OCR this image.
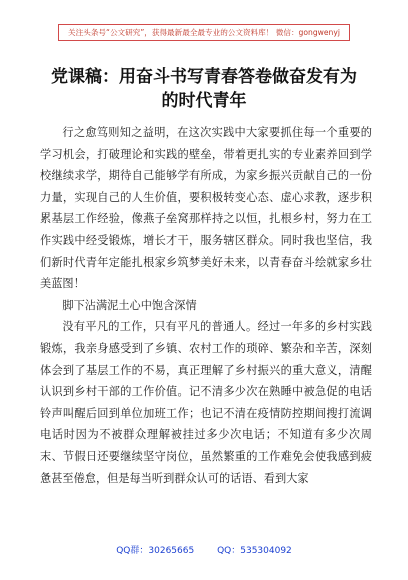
关注头条号“公文研究”，获得最新最全最专业的公文资料库！ 微信：gongwenyj
党课稿：用奋斗书写青春答卷做奋发有为
的时代青年

行之愈笃则知之益明，在这次实践中大家要抓住每一个重要的学习机会，打破理论和实践的壁垒，带着更扎实的专业素养回到学校继续求学，期待自己能够学有所成，为家乡振兴贡献自己的一份力量，实现自己的人生价值，要积极转变心态、虚心求教，逐步积累基层工作经验，像燕子垒窝那样持之以恒，扎根乡村，努力在工作实践中经受锻炼，增长才干，服务辖区群众。同时我也坚信，我们新时代青年定能扎根家乡筑梦美好未来，以青春奋斗绘就家乡壮美蓝图！

脚下沾满泥土心中饱含深情

没有平凡的工作，只有平凡的普通人。经过一年多的乡村实践锻炼，我亲身感受到了乡镇、农村工作的琐碎、繁杂和辛苦，深刻体会到了基层工作的不易，真正理解了乡村振兴的重大意义，清醒认识到乡村干部的工作价值。记不清多少次在熟睡中被急促的电话铃声叫醒后回到单位加班工作；也记不清在疫情防控期间搜打流调电话时因为不被群众理解被挂过多少次电话；不知道有多少次周末、节假日还要继续坚守岗位，虽然繁重的工作难免会使我感到疲惫甚至倦怠，但是每当听到群众认可的话语、看到大家

QQ群：30265665	QQ：535304092
